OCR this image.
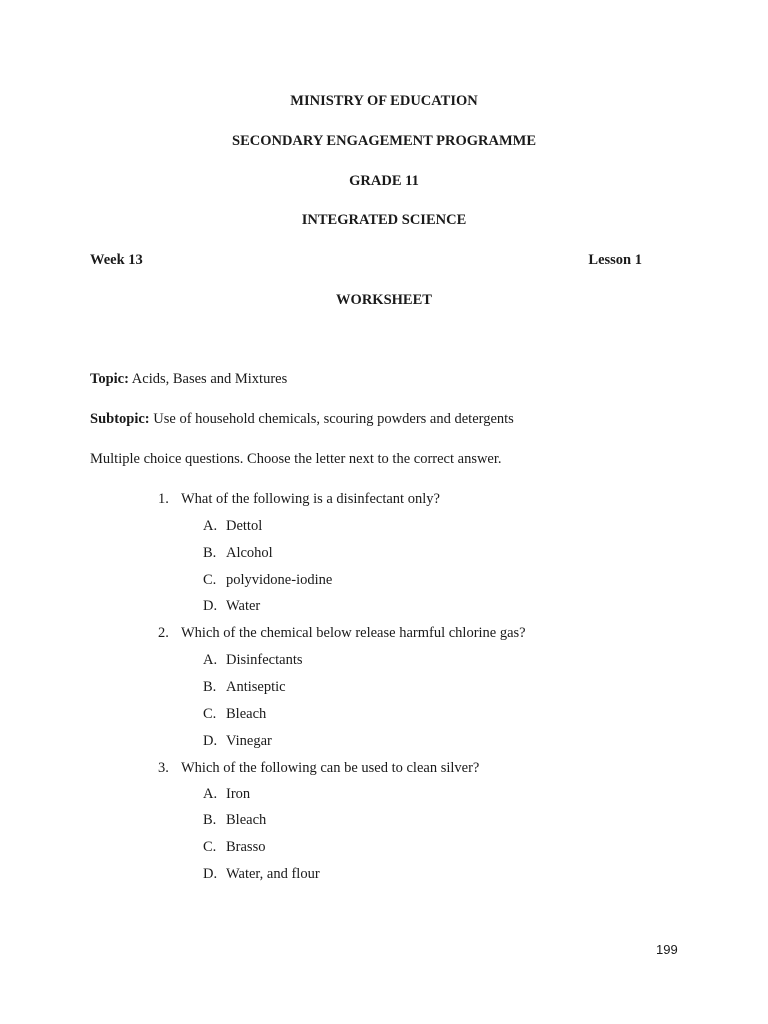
MINISTRY OF EDUCATION
SECONDARY ENGAGEMENT PROGRAMME
GRADE 11
INTEGRATED SCIENCE
Week 13	Lesson 1
WORKSHEET
Topic: Acids, Bases and Mixtures
Subtopic: Use of household chemicals, scouring powders and detergents
Multiple choice questions. Choose the letter next to the correct answer.
1. What of the following is a disinfectant only?
A. Dettol
B. Alcohol
C. polyvidone-iodine
D. Water
2. Which of the chemical below release harmful chlorine gas?
A. Disinfectants
B. Antiseptic
C. Bleach
D. Vinegar
3. Which of the following can be used to clean silver?
A. Iron
B. Bleach
C. Brasso
D. Water, and flour
199
